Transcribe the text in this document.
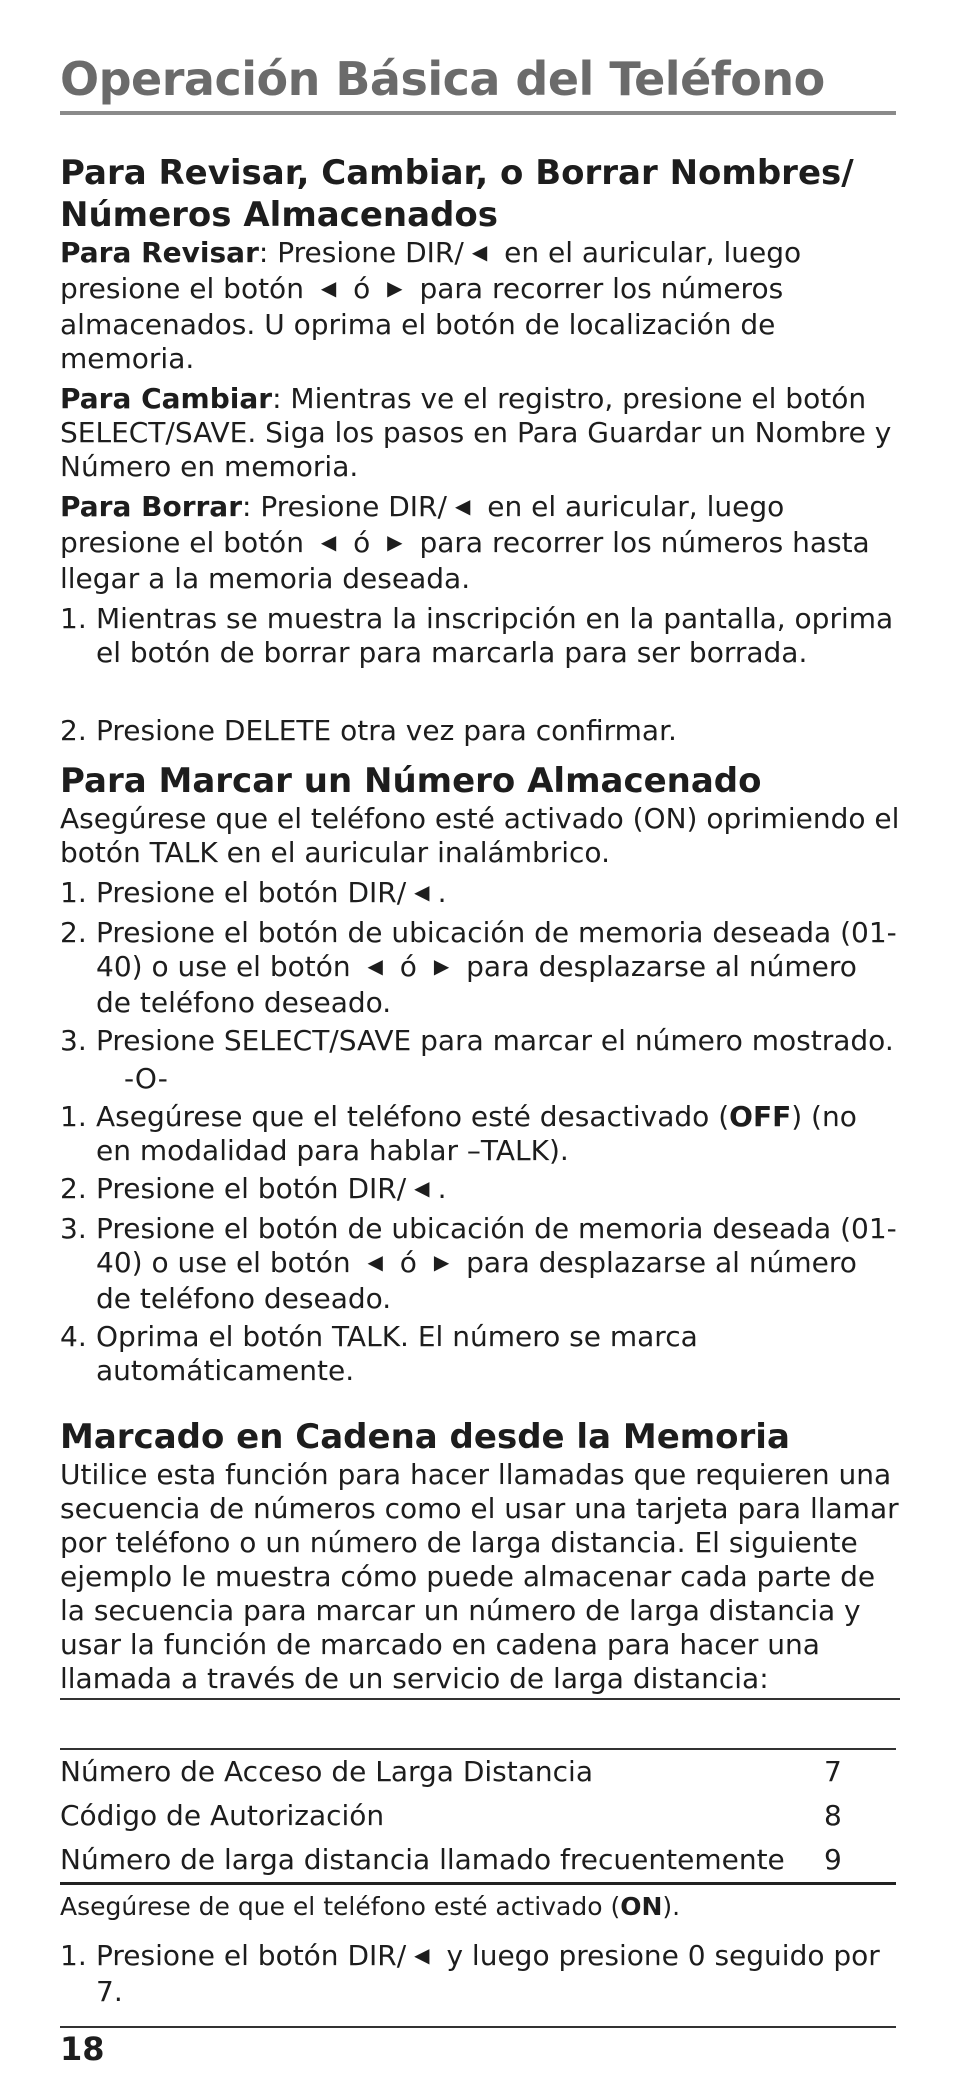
Operación Básica del Teléfono
Para Revisar, Cambiar, o Borrar Nombres/
Números Almacenados

Para Revisar: Presione DIR/ ◀ en el auricular, luego presione el botón ◀ ó ▶ para recorrer los números almacenados. U oprima el botón de localización de memoria.

Para Cambiar: Mientras ve el registro, presione el botón SELECT/SAVE. Siga los pasos en Para Guardar un Nombre y Número en memoria.

Para Borrar: Presione DIR/ ◀ en el auricular, luego presione el botón ◀ ó ▶ para recorrer los números hasta llegar a la memoria deseada.

1. Mientras se muestra la inscripción en la pantalla, oprima el botón de borrar para marcarla para ser borrada.
2. Presione DELETE otra vez para confirmar.
Para Marcar un Número Almacenado

Asegúrese que el teléfono esté activado (ON) oprimiendo el botón TALK en el auricular inalámbrico.

1. Presione el botón DIR/ ◀ .
2. Presione el botón de ubicación de memoria deseada (01-40) o use el botón ◀ ó ▶ para desplazarse al número de teléfono deseado.
3. Presione SELECT/SAVE para marcar el número mostrado.
-O-
1. Asegúrese que el teléfono esté desactivado (OFF) (no en modalidad para hablar –TALK).
2. Presione el botón DIR/ ◀ .
3. Presione el botón de ubicación de memoria deseada (01-40) o use el botón ◀ ó ▶ para desplazarse al número de teléfono deseado.
4. Oprima el botón TALK. El número se marca automáticamente.
Marcado en Cadena desde la Memoria

Utilice esta función para hacer llamadas que requieren una secuencia de números como el usar una tarjeta para llamar por teléfono o un número de larga distancia. El siguiente ejemplo le muestra cómo puede almacenar cada parte de la secuencia para marcar un número de larga distancia y usar la función de marcado en cadena para hacer una llamada a través de un servicio de larga distancia:

Número de Acceso de Larga Distancia	7
Código de Autorización	8
Número de larga distancia llamado frecuentemente 9
Asegúrese de que el teléfono esté activado (ON).
1. Presione el botón DIR/ ◀ y luego presione 0 seguido por 7.
18
